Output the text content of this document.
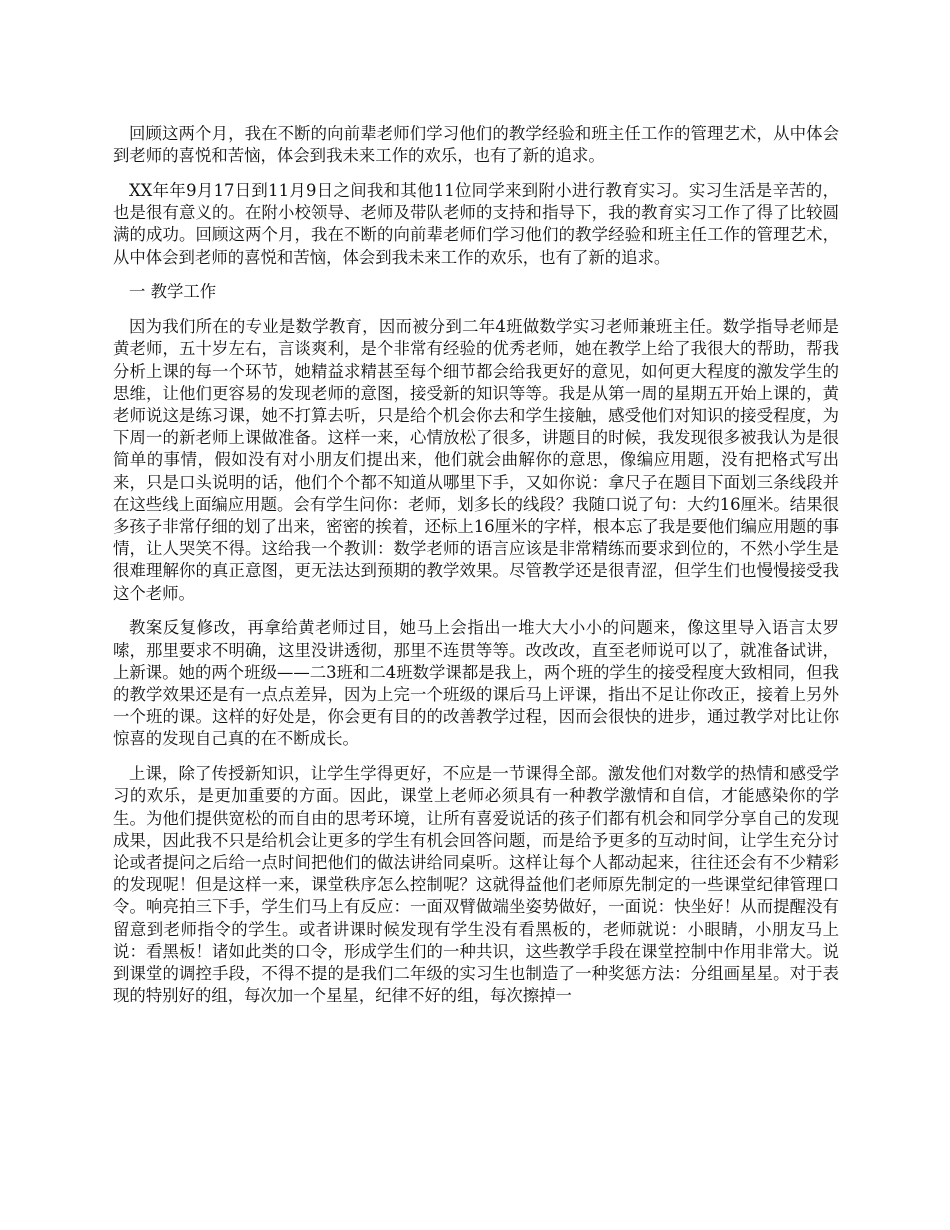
回顾这两个月，我在不断的向前辈老师们学习他们的教学经验和班主任工作的管理艺术，从中体会到老师的喜悦和苦恼，体会到我未来工作的欢乐，也有了新的追求。

XX年年9月17日到11月9日之间我和其他11位同学来到附小进行教育实习。实习生活是辛苦的，也是很有意义的。在附小校领导、老师及带队老师的支持和指导下，我的教育实习工作了得了比较圆满的成功。回顾这两个月，我在不断的向前辈老师们学习他们的教学经验和班主任工作的管理艺术，从中体会到老师的喜悦和苦恼，体会到我未来工作的欢乐，也有了新的追求。

一 教学工作

因为我们所在的专业是数学教育，因而被分到二年4班做数学实习老师兼班主任。数学指导老师是黄老师，五十岁左右，言谈爽利，是个非常有经验的优秀老师，她在教学上给了我很大的帮助，帮我分析上课的每一个环节，她精益求精甚至每个细节都会给我更好的意见，如何更大程度的激发学生的思维，让他们更容易的发现老师的意图，接受新的知识等等。我是从第一周的星期五开始上课的，黄老师说这是练习课，她不打算去听，只是给个机会你去和学生接触，感受他们对知识的接受程度，为下周一的新老师上课做准备。这样一来，心情放松了很多，讲题目的时候，我发现很多被我认为是很简单的事情，假如没有对小朋友们提出来，他们就会曲解你的意思，像编应用题，没有把格式写出来，只是口头说明的话，他们个个都不知道从哪里下手，又如你说：拿尺子在题目下面划三条线段并在这些线上面编应用题。会有学生问你：老师，划多长的线段？我随口说了句：大约16厘米。结果很多孩子非常仔细的划了出来，密密的挨着，还标上16厘米的字样，根本忘了我是要他们编应用题的事情，让人哭笑不得。这给我一个教训：数学老师的语言应该是非常精练而要求到位的，不然小学生是很难理解你的真正意图，更无法达到预期的教学效果。尽管教学还是很青涩，但学生们也慢慢接受我这个老师。

教案反复修改，再拿给黄老师过目，她马上会指出一堆大大小小的问题来，像这里导入语言太罗嗦，那里要求不明确，这里没讲透彻，那里不连贯等等。改改改，直至老师说可以了，就准备试讲，上新课。她的两个班级——二3班和二4班数学课都是我上，两个班的学生的接受程度大致相同，但我的教学效果还是有一点点差异，因为上完一个班级的课后马上评课，指出不足让你改正，接着上另外一个班的课。这样的好处是，你会更有目的的改善教学过程，因而会很快的进步，通过教学对比让你惊喜的发现自己真的在不断成长。

上课，除了传授新知识，让学生学得更好，不应是一节课得全部。激发他们对数学的热情和感受学习的欢乐，是更加重要的方面。因此，课堂上老师必须具有一种教学激情和自信，才能感染你的学生。为他们提供宽松的而自由的思考环境，让所有喜爱说话的孩子们都有机会和同学分享自己的发现成果，因此我不只是给机会让更多的学生有机会回答问题，而是给予更多的互动时间，让学生充分讨论或者提问之后给一点时间把他们的做法讲给同桌听。这样让每个人都动起来，往往还会有不少精彩的发现呢！但是这样一来，课堂秩序怎么控制呢？这就得益他们老师原先制定的一些课堂纪律管理口令。响亮拍三下手，学生们马上有反应：一面双臂做端坐姿势做好，一面说：快坐好！从而提醒没有留意到老师指令的学生。或者讲课时候发现有学生没有看黑板的，老师就说：小眼睛，小朋友马上说：看黑板！诸如此类的口令，形成学生们的一种共识，这些教学手段在课堂控制中作用非常大。说到课堂的调控手段，不得不提的是我们二年级的实习生也制造了一种奖惩方法：分组画星星。对于表现的特别好的组，每次加一个星星，纪律不好的组，每次擦掉一
